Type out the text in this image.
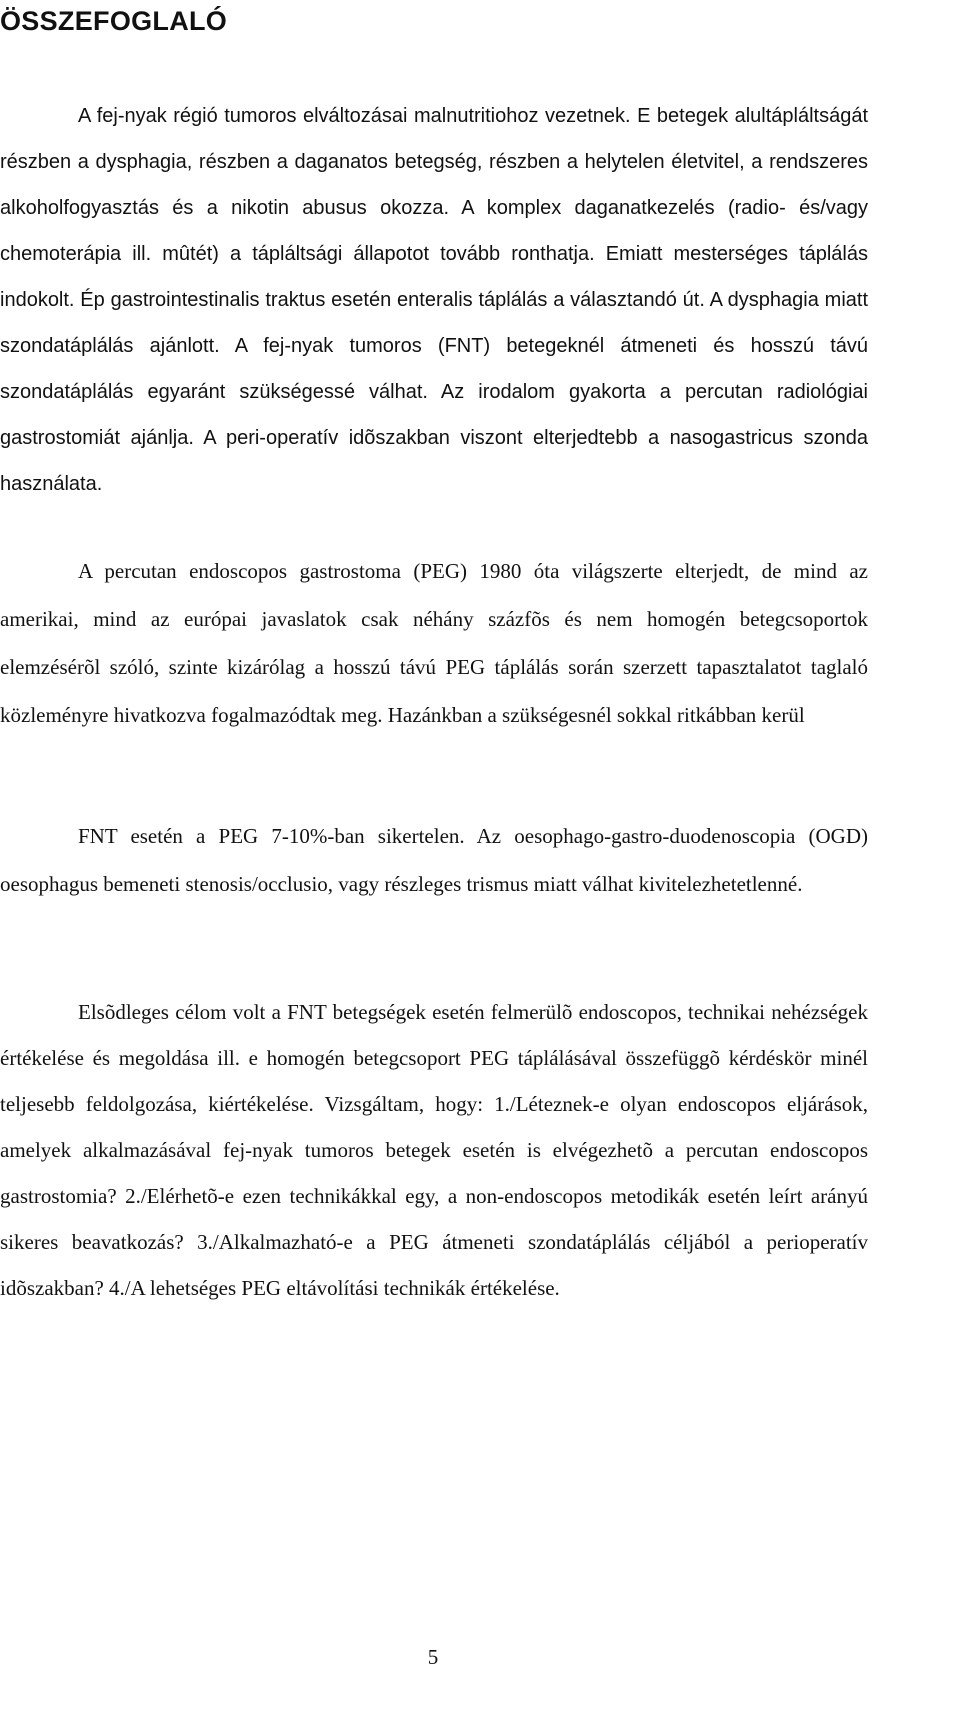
ÖSSZEFOGLALÓ

A fej-nyak régió tumoros elváltozásai malnutritiohoz vezetnek. E betegek alultápláltságát részben a dysphagia, részben a daganatos betegség, részben a helytelen életvitel, a rendszeres alkoholfogyasztás és a nikotin abusus okozza. A komplex daganatkezelés (radio- és/vagy chemoterápia ill. mûtét) a tápláltsági állapotot tovább ronthatja. Emiatt mesterséges táplálás indokolt. Ép gastrointestinalis traktus esetén enteralis táplálás a választandó út. A dysphagia miatt szondatáplálás ajánlott. A fej-nyak tumoros (FNT) betegeknél átmeneti és hosszú távú szondatáplálás egyaránt szükségessé válhat. Az irodalom gyakorta a percutan radiológiai gastrostomiát ajánlja. A peri-operatív idõszakban viszont elterjedtebb a nasogastricus szonda használata.

A percutan endoscopos gastrostoma (PEG) 1980 óta világszerte elterjedt, de mind az amerikai, mind az európai javaslatok csak néhány százfõs és nem homogén betegcsoportok elemzésérõl szóló, szinte kizárólag a hosszú távú PEG táplálás során szerzett tapasztalatot taglaló közleményre hivatkozva fogalmazódtak meg. Hazánkban a szükségesnél sokkal ritkábban kerül

FNT esetén a PEG 7-10%-ban sikertelen. Az oesophago-gastro-duodenoscopia (OGD) oesophagus bemeneti stenosis/occlusio, vagy részleges trismus miatt válhat kivitelezhetetlenné.

Elsõdleges célom volt a FNT betegségek esetén felmerülõ endoscopos, technikai nehézségek értékelése és megoldása ill. e homogén betegcsoport PEG táplálásával összefüggõ kérdéskör minél teljesebb feldolgozása, kiértékelése. Vizsgáltam, hogy: 1./Léteznek-e olyan endoscopos eljárások, amelyek alkalmazásával fej-nyak tumoros betegek esetén is elvégezhetõ a percutan endoscopos gastrostomia? 2./Elérhetõ-e ezen technikákkal egy, a non-endoscopos metodikák esetén leírt arányú sikeres beavatkozás? 3./Alkalmazható-e a PEG átmeneti szondatáplálás céljából a perioperatív idõszakban? 4./A lehetséges PEG eltávolítási technikák értékelése.

5
